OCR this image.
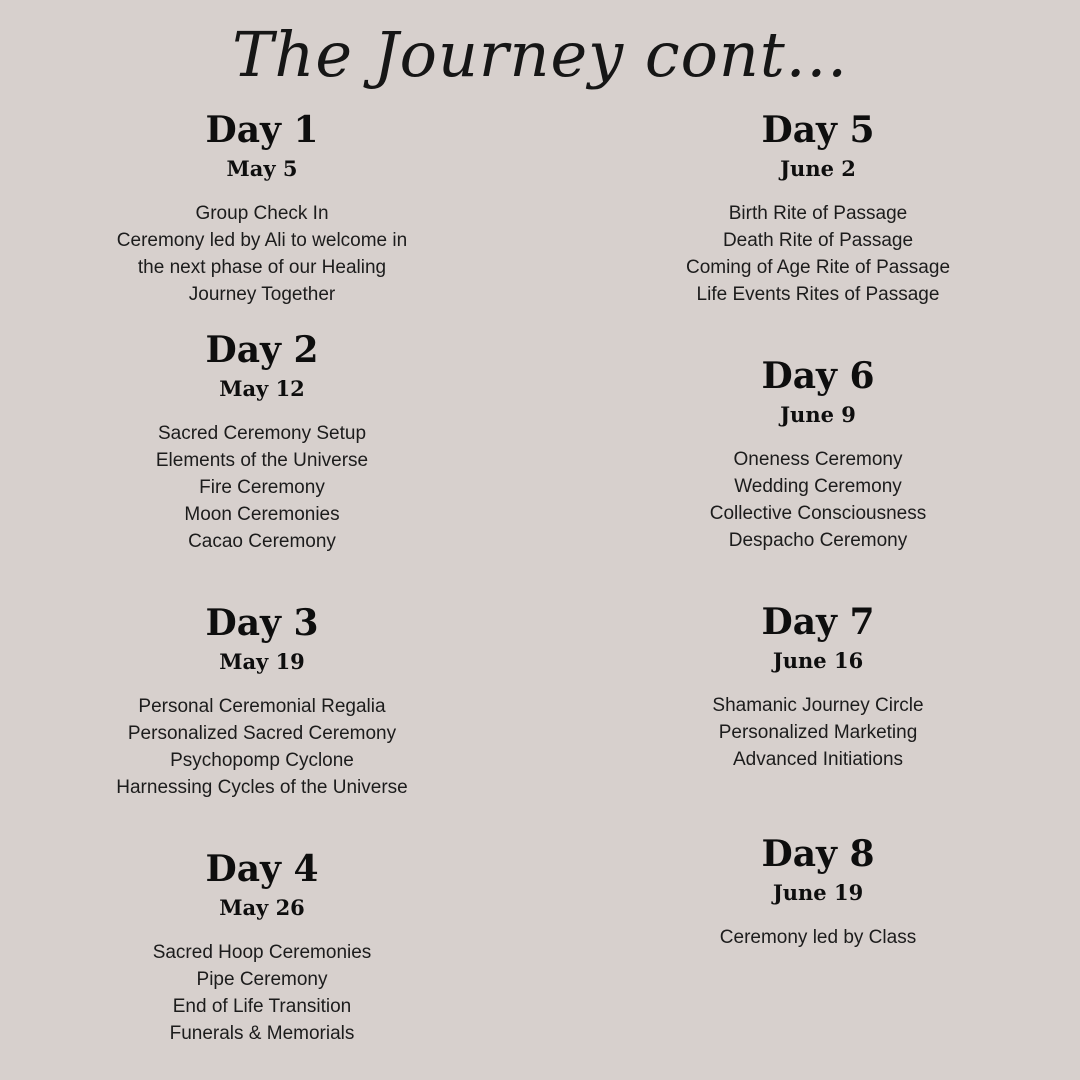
The Journey cont...
Day 1
May 5
Group Check In
Ceremony led by Ali to welcome in
the next phase of our Healing
Journey Together
Day 2
May 12
Sacred Ceremony Setup
Elements of the Universe
Fire Ceremony
Moon Ceremonies
Cacao Ceremony
Day 3
May 19
Personal Ceremonial Regalia
Personalized Sacred Ceremony
Psychopomp Cyclone
Harnessing Cycles of the Universe
Day 4
May 26
Sacred Hoop Ceremonies
Pipe Ceremony
End of Life Transition
Funerals & Memorials
Day 5
June 2
Birth Rite of Passage
Death Rite of Passage
Coming of Age Rite of Passage
Life Events Rites of Passage
Day 6
June 9
Oneness Ceremony
Wedding Ceremony
Collective Consciousness
Despacho Ceremony
Day 7
June 16
Shamanic Journey Circle
Personalized Marketing
Advanced Initiations
Day 8
June 19
Ceremony led by Class
